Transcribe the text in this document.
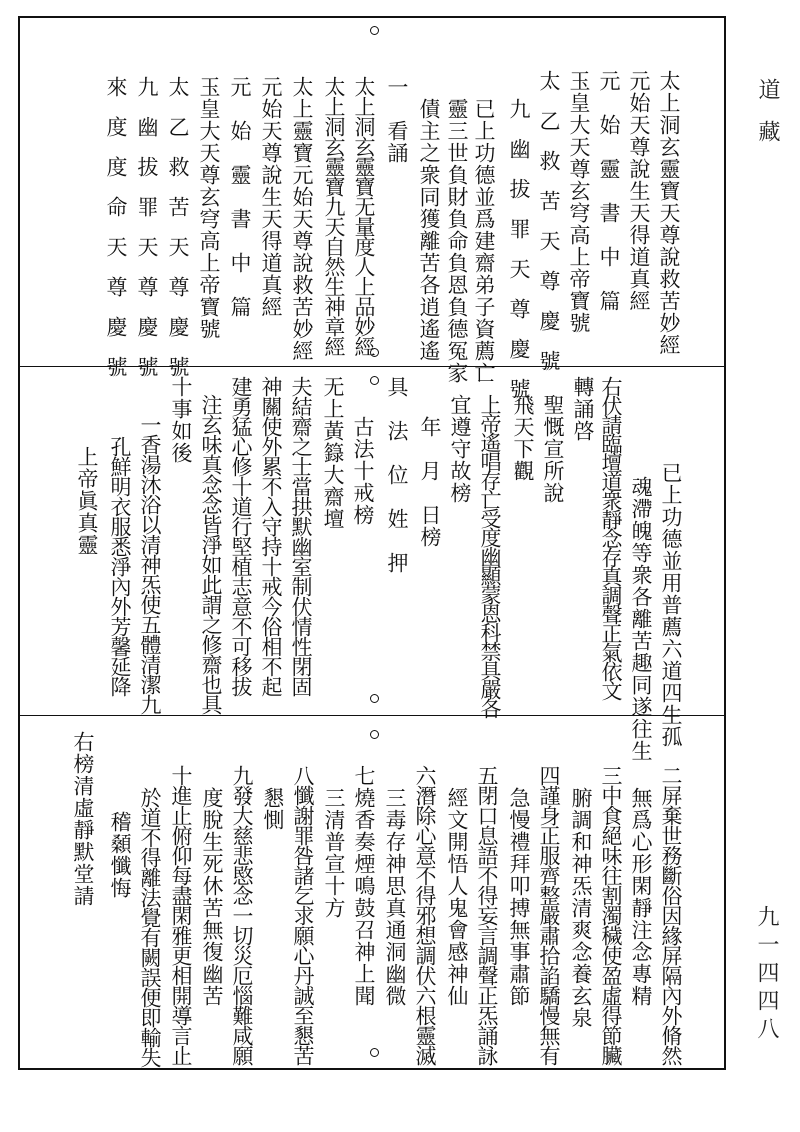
道藏
九一四四八
太上洞玄靈寶天尊說救苦妙經
元始天尊說生天得道真經
元　始　靈　書　中　篇
玉皇大天尊玄穹高上帝寶號
太　乙　救　苦　天　尊　慶　號
九　幽　拔　罪　天　尊　慶　號
已上功德並爲建齋弟子資薦亡
靈三世負財負命負恩負德冤家
債主之衆同獲離苦各逍遙遙
一　看誦
太上洞玄靈寶无量度人上品妙經
太上洞玄靈寶九天自然生神章經
太上靈寶元始天尊說救苦妙經
元始天尊說生天得道真經
元　始　靈　書　中　篇
玉皇大天尊玄穹高上帝寶號
太　乙　救　苦　天　尊　慶　號
九　幽　拔　罪　天　尊　慶　號
來　度　度　命　天　尊　慶　號
已上功德並用普薦六道四生孤
魂滯魄等衆各離苦趣同遂往生
右伏請臨壇道衆靜念存真調聲正氣依文
轉誦啓
聖慨宣所說
飛天下觀
上帝遙唱存亡受度幽顯蒙恩科禁具嚴各
宜遵守故榜
年　月　日榜
具　法　位　姓　押
无上黃籙大齋壇 古法十戒榜
夫結齋之士當拱默幽室制伏情性閉固
神關使外累不入守持十戒今俗相不起
建勇猛心修十道行堅植志意不可移拔
注玄味真念念皆淨如此謂之修齋也具
十事如後
一香湯沐浴以清神炁使五體清潔九
孔鮮明衣服悉淨內外芳馨延降
上帝眞真靈
二屏棄世務斷俗因緣屏隔內外脩然
無爲心形閑靜注念專精
三中食絕味往割濁穢使盈虛得節臟
腑調和神炁清爽念養玄泉
四謹身正服齊整嚴肅拾諂驕慢無有
急慢禮拜叩搏無事肅節
五閉口息語不得妄言調聲正炁誦詠
經文開悟人鬼會感神仙
六潛除心意不得邪想調伏六根靈滅
三毒存神思真通洞幽微
七燒香奏煙鳴鼓召神上聞
三清普宣十方
八懺謝罪咎諸乞求願心丹誠至懇苦
懇惻
九發大慈悲愍念一切災厄惱難咸願
度脫生死休苦無復幽苦
十進止俯仰每盡閑雅更相開導言止
於道不得離法覺有闕誤便即輸失
稽顙懺悔
右榜清虛靜默堂請
